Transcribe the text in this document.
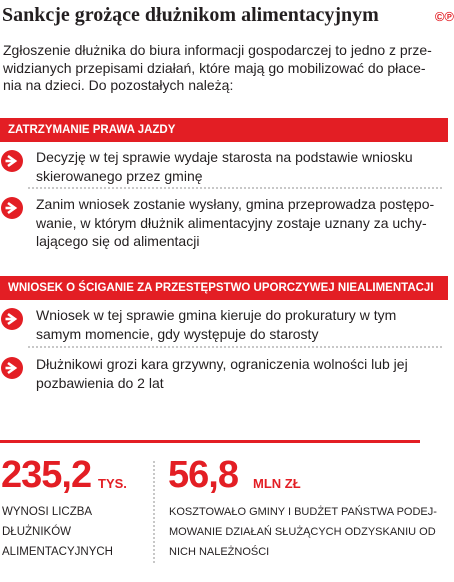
Sankcje grożące dłużnikom alimentacyjnym	©℗

Zgłoszenie dłużnika do biura informacji gospodarczej to jedno z prze-
widzianych przepisami działań, które mają go mobilizować do płace-
nia na dzieci. Do pozostałych należą:

ZATRZYMANIE PRAWA JAZDY
Decyzję w tej sprawie wydaje starosta na podstawie wniosku
skierowanego przez gminę
Zanim wniosek zostanie wysłany, gmina przeprowadza postępo-
wanie, w którym dłużnik alimentacyjny zostaje uznany za uchy-
lającego się od alimentacji
WNIOSEK O ŚCIGANIE ZA PRZESTĘPSTWO UPORCZYWEJ NIEALIMENTACJI
Wniosek w tej sprawie gmina kieruje do prokuratury w tym
samym momencie, gdy występuje do starosty
Dłużnikowi grozi kara grzywny, ograniczenia wolności lub jej
pozbawienia do 2 lat
235,2 TYS.
WYNOSI LICZBA
DŁUŻNIKÓW
ALIMENTACYJNYCH
56,8 MLN ZŁ
KOSZTOWAŁO GMINY I BUDŻET PAŃSTWA PODEJ-
MOWANIE DZIAŁAŃ SŁUŻĄCYCH ODZYSKANIU OD
NICH NALEŻNOŚCI
